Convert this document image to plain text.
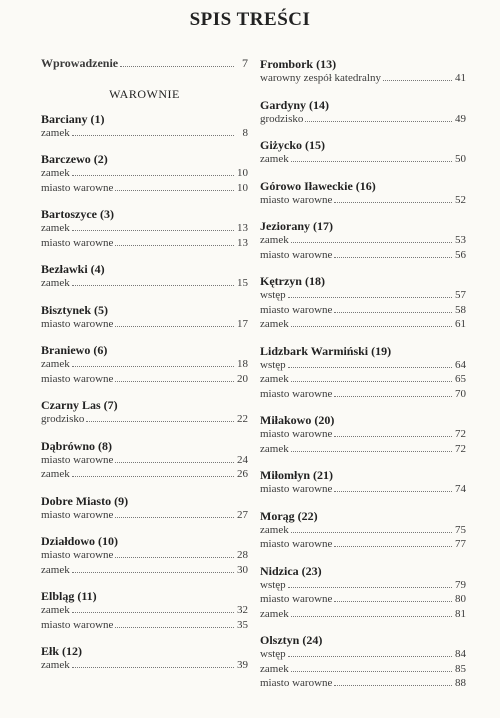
SPIS TREŚCI
Wprowadzenie	7
WAROWNIE
Barciany (1)
zamek	8
Barczewo (2)
zamek	10
miasto warowne	10
Bartoszyce (3)
zamek	13
miasto warowne	13
Bezławki (4)
zamek	15
Bisztynek (5)
miasto warowne	17
Braniewo (6)
zamek	18
miasto warowne	20
Czarny Las (7)
grodzisko	22
Dąbrówno (8)
miasto warowne	24
zamek	26
Dobre Miasto (9)
miasto warowne	27
Działdowo (10)
miasto warowne	28
zamek	30
Elbląg (11)
zamek	32
miasto warowne	35
Ełk (12)
zamek	39
Frombork (13)
warowny zespół katedralny	41
Gardyny (14)
grodzisko	49
Giżycko (15)
zamek	50
Górowo Iławeckie (16)
miasto warowne	52
Jeziorany (17)
zamek	53
miasto warowne	56
Kętrzyn (18)
wstęp	57
miasto warowne	58
zamek	61
Lidzbark Warmiński (19)
wstęp	64
zamek	65
miasto warowne	70
Miłakowo (20)
miasto warowne	72
zamek	72
Miłomłyn (21)
miasto warowne	74
Morąg (22)
zamek	75
miasto warowne	77
Nidzica (23)
wstęp	79
miasto warowne	80
zamek	81
Olsztyn (24)
wstęp	84
zamek	85
miasto warowne	88
